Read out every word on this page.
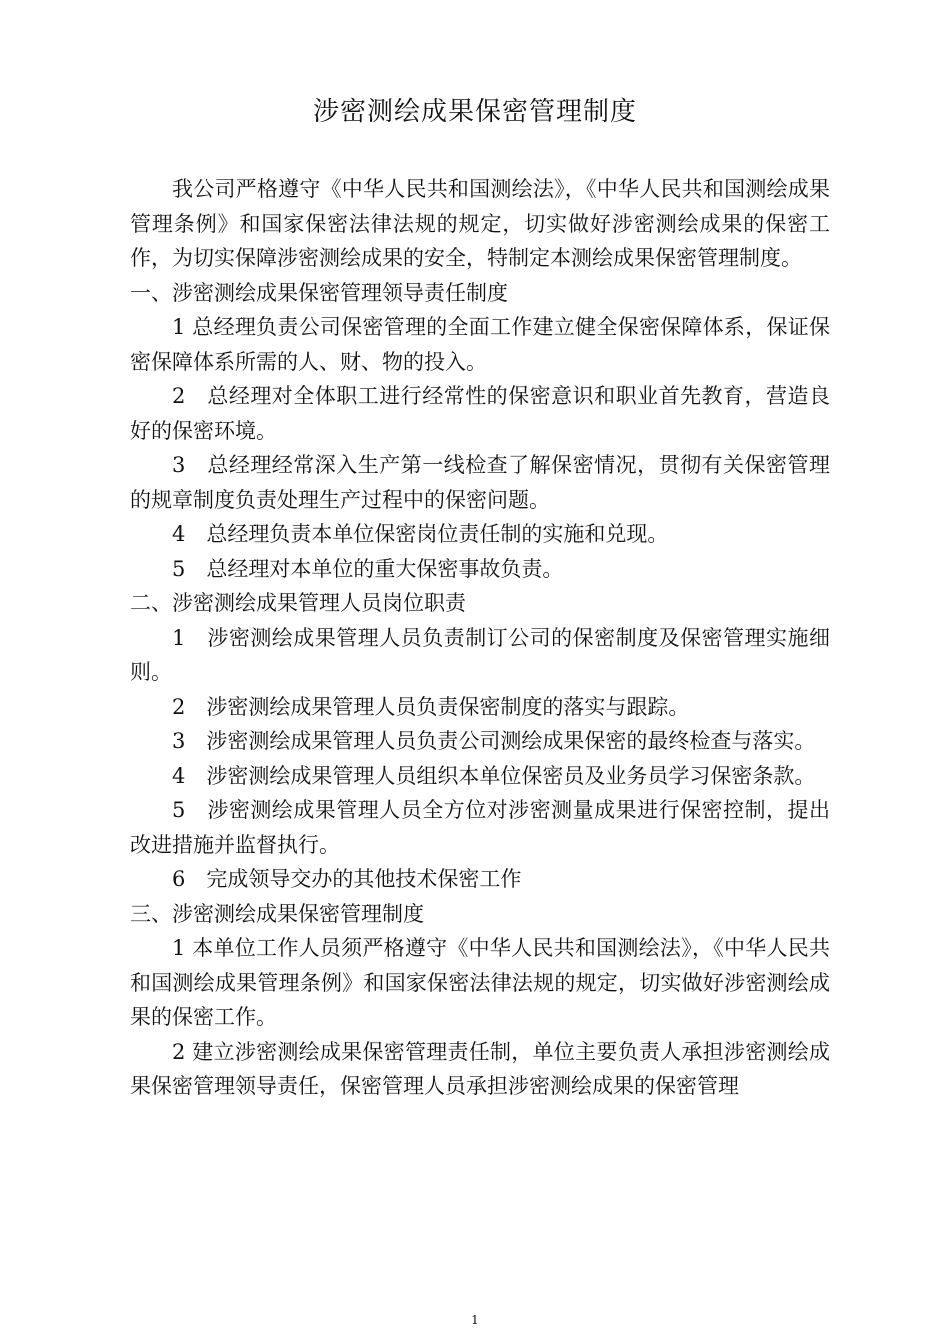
涉密测绘成果保密管理制度

我公司严格遵守《中华人民共和国测绘法》，《中华人民共和国测绘成果管理条例》和国家保密法律法规的规定，切实做好涉密测绘成果的保密工作，为切实保障涉密测绘成果的安全，特制定本测绘成果保密管理制度。

一、涉密测绘成果保密管理领导责任制度

1 总经理负责公司保密管理的全面工作建立健全保密保障体系，保证保密保障体系所需的人、财、物的投入。

2　总经理对全体职工进行经常性的保密意识和职业首先教育，营造良好的保密环境。

3　总经理经常深入生产第一线检查了解保密情况，贯彻有关保密管理的规章制度负责处理生产过程中的保密问题。

4　总经理负责本单位保密岗位责任制的实施和兑现。

5　总经理对本单位的重大保密事故负责。

二、涉密测绘成果管理人员岗位职责

1　涉密测绘成果管理人员负责制订公司的保密制度及保密管理实施细则。

2　涉密测绘成果管理人员负责保密制度的落实与跟踪。

3　涉密测绘成果管理人员负责公司测绘成果保密的最终检查与落实。

4　涉密测绘成果管理人员组织本单位保密员及业务员学习保密条款。

5　涉密测绘成果管理人员全方位对涉密测量成果进行保密控制，提出改进措施并监督执行。

6　完成领导交办的其他技术保密工作

三、涉密测绘成果保密管理制度

1 本单位工作人员须严格遵守《中华人民共和国测绘法》，《中华人民共和国测绘成果管理条例》和国家保密法律法规的规定，切实做好涉密测绘成果的保密工作。

2 建立涉密测绘成果保密管理责任制，单位主要负责人承担涉密测绘成果保密管理领导责任，保密管理人员承担涉密测绘成果的保密管理

1
